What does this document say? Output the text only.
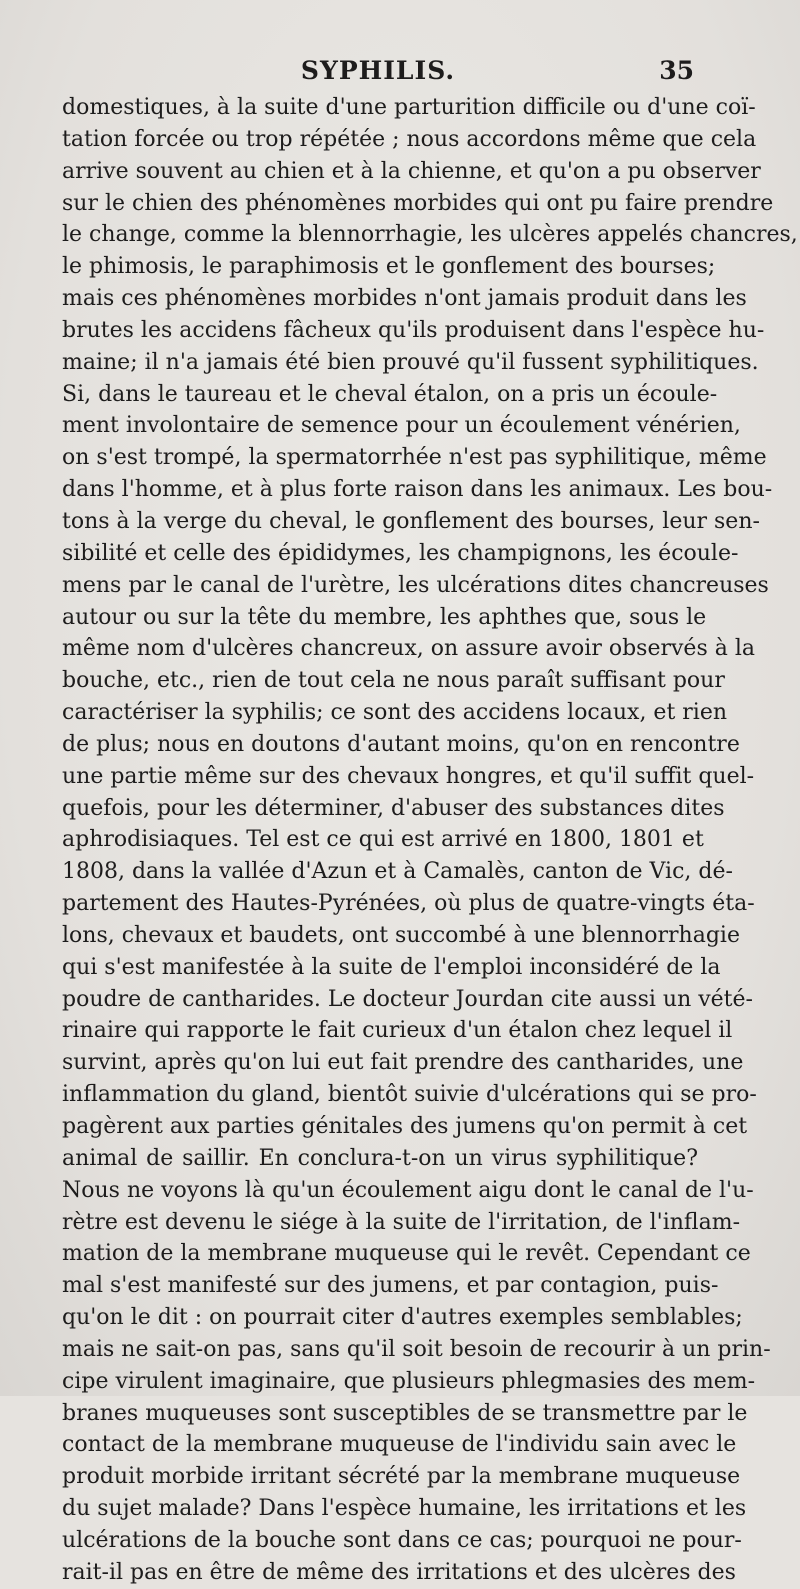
SYPHILIS.	35
domestiques, à la suite d'une parturition difficile ou d'une coï-
tation forcée ou trop répétée ; nous accordons même que cela
arrive souvent au chien et à la chienne, et qu'on a pu observer
sur le chien des phénomènes morbides qui ont pu faire prendre
le change, comme la blennorrhagie, les ulcères appelés chancres,
le phimosis, le paraphimosis et le gonflement des bourses;
mais ces phénomènes morbides n'ont jamais produit dans les
brutes les accidens fâcheux qu'ils produisent dans l'espèce hu-
maine; il n'a jamais été bien prouvé qu'il fussent syphilitiques.
Si, dans le taureau et le cheval étalon, on a pris un écoule-
ment involontaire de semence pour un écoulement vénérien,
on s'est trompé, la spermatorrhée n'est pas syphilitique, même
dans l'homme, et à plus forte raison dans les animaux. Les bou-
tons à la verge du cheval, le gonflement des bourses, leur sen-
sibilité et celle des épididymes, les champignons, les écoule-
mens par le canal de l'urètre, les ulcérations dites chancreuses
autour ou sur la tête du membre, les aphthes que, sous le
même nom d'ulcères chancreux, on assure avoir observés à la
bouche, etc., rien de tout cela ne nous paraît suffisant pour
caractériser la syphilis; ce sont des accidens locaux, et rien
de plus; nous en doutons d'autant moins, qu'on en rencontre
une partie même sur des chevaux hongres, et qu'il suffit quel-
quefois, pour les déterminer, d'abuser des substances dites
aphrodisiaques. Tel est ce qui est arrivé en 1800, 1801 et
1808, dans la vallée d'Azun et à Camalès, canton de Vic, dé-
partement des Hautes-Pyrénées, où plus de quatre-vingts éta-
lons, chevaux et baudets, ont succombé à une blennorrhagie
qui s'est manifestée à la suite de l'emploi inconsidéré de la
poudre de cantharides. Le docteur Jourdan cite aussi un vété-
rinaire qui rapporte le fait curieux d'un étalon chez lequel il
survint, après qu'on lui eut fait prendre des cantharides, une
inflammation du gland, bientôt suivie d'ulcérations qui se pro-
pagèrent aux parties génitales des jumens qu'on permit à cet
animal de saillir. En conclura-t-on un virus syphilitique?
Nous ne voyons là qu'un écoulement aigu dont le canal de l'u-
rètre est devenu le siége à la suite de l'irritation, de l'inflam-
mation de la membrane muqueuse qui le revêt. Cependant ce
mal s'est manifesté sur des jumens, et par contagion, puis-
qu'on le dit : on pourrait citer d'autres exemples semblables;
mais ne sait-on pas, sans qu'il soit besoin de recourir à un prin-
cipe virulent imaginaire, que plusieurs phlegmasies des mem-
branes muqueuses sont susceptibles de se transmettre par le
contact de la membrane muqueuse de l'individu sain avec le
produit morbide irritant sécrété par la membrane muqueuse
du sujet malade? Dans l'espèce humaine, les irritations et les
ulcérations de la bouche sont dans ce cas; pourquoi ne pour-
rait-il pas en être de même des irritations et des ulcères des
